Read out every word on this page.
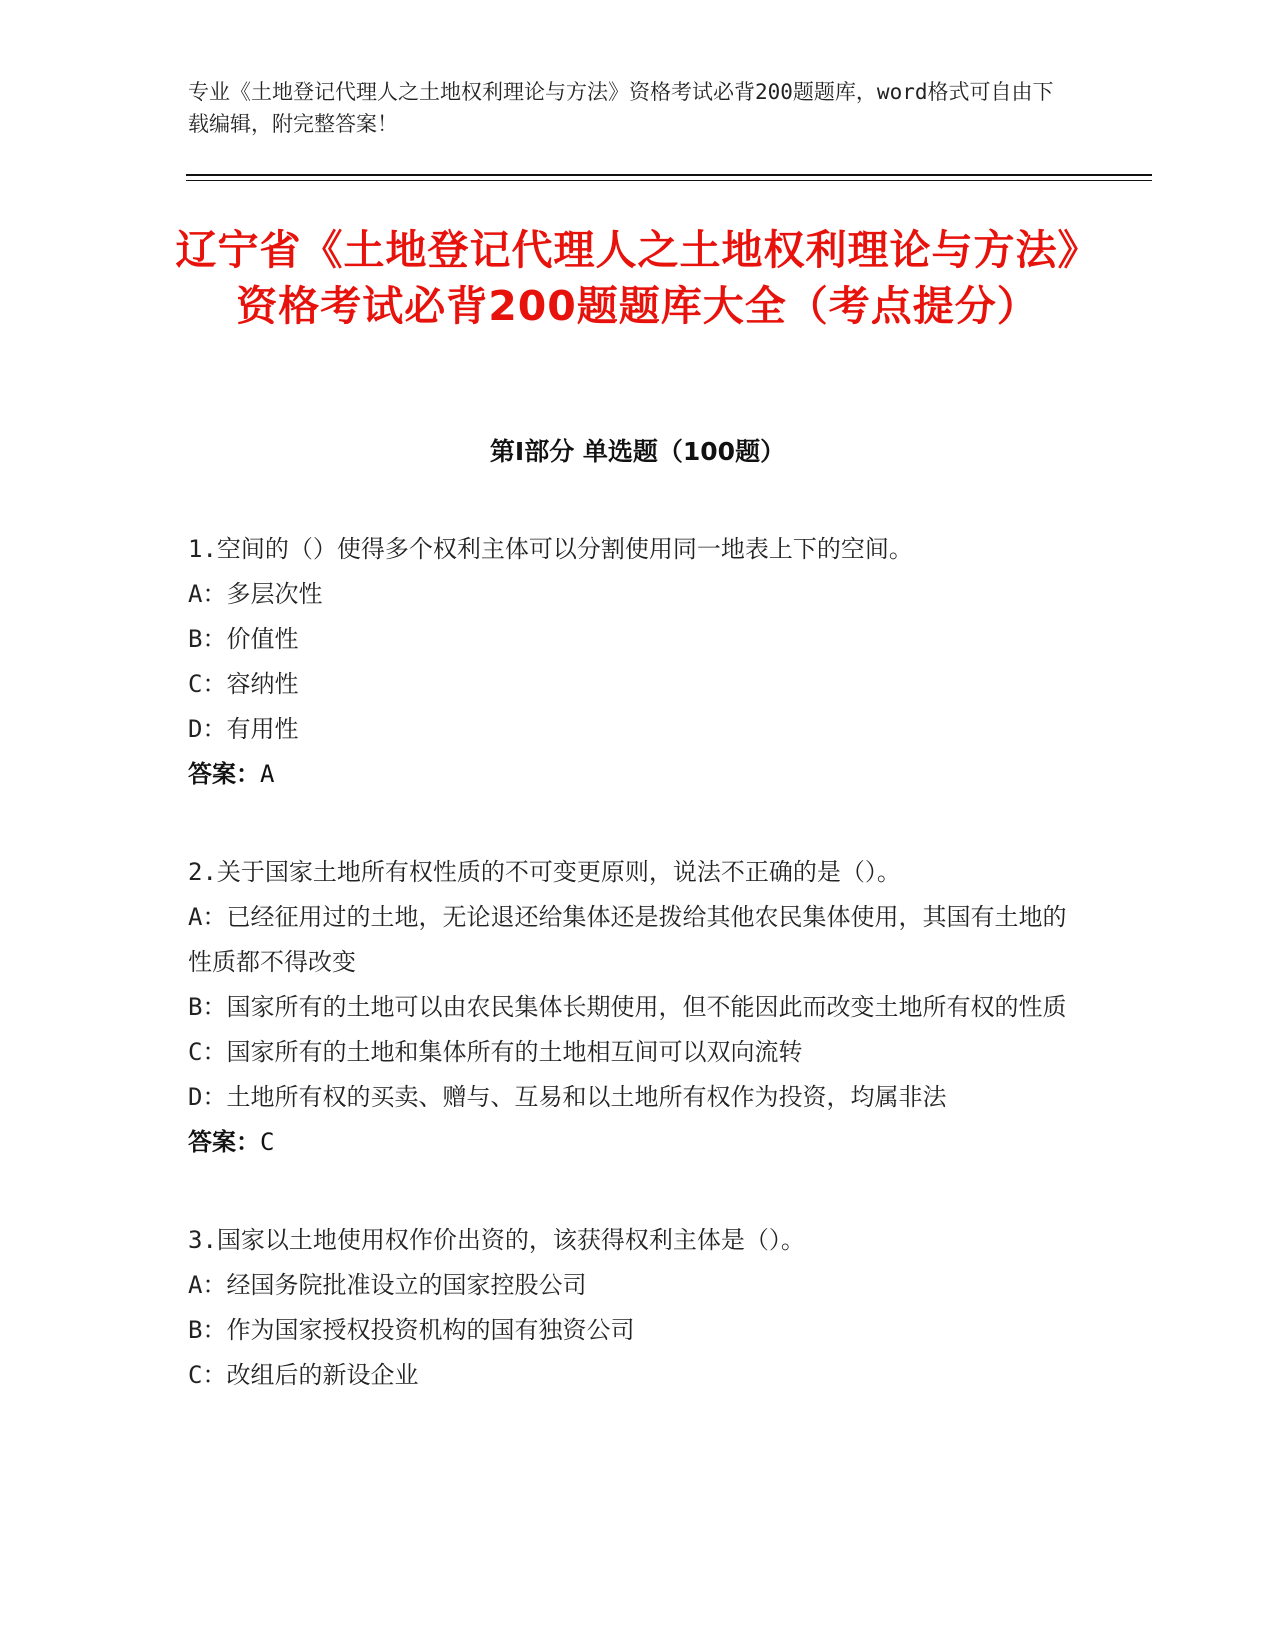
专业《土地登记代理人之土地权利理论与方法》资格考试必背200题题库，word格式可自由下载编辑，附完整答案！
辽宁省《土地登记代理人之土地权利理论与方法》资格考试必背200题题库大全（考点提分）
第I部分 单选题（100题）

1.空间的（）使得多个权利主体可以分割使用同一地表上下的空间。

A：多层次性

B：价值性

C：容纳性

D：有用性

答案：A

2.关于国家土地所有权性质的不可变更原则，说法不正确的是（）。

A：已经征用过的土地，无论退还给集体还是拨给其他农民集体使用，其国有土地的性质都不得改变

B：国家所有的土地可以由农民集体长期使用，但不能因此而改变土地所有权的性质

C：国家所有的土地和集体所有的土地相互间可以双向流转

D：土地所有权的买卖、赠与、互易和以土地所有权作为投资，均属非法

答案：C

3.国家以土地使用权作价出资的，该获得权利主体是（）。

A：经国务院批准设立的国家控股公司

B：作为国家授权投资机构的国有独资公司

C：改组后的新设企业
